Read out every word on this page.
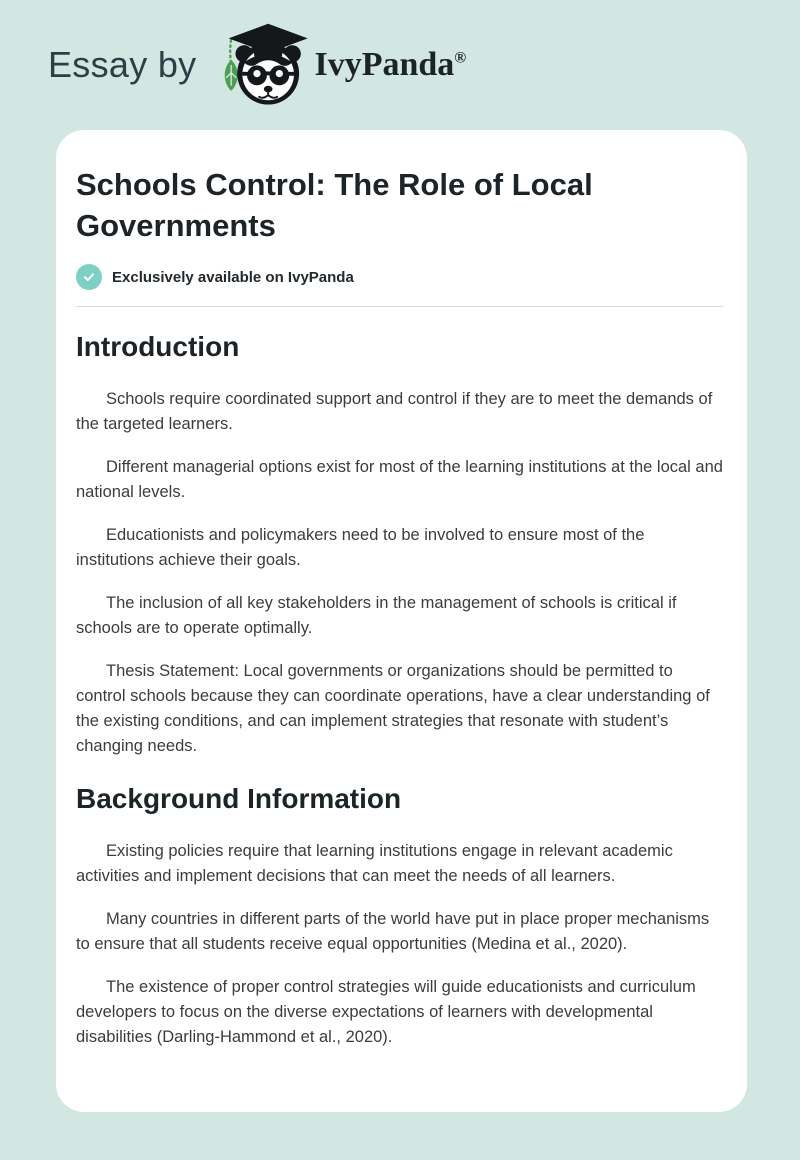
Essay by	IvyPanda®
Schools Control: The Role of Local Governments
Exclusively available on IvyPanda
Introduction

Schools require coordinated support and control if they are to meet the demands of the targeted learners.

Different managerial options exist for most of the learning institutions at the local and national levels.

Educationists and policymakers need to be involved to ensure most of the institutions achieve their goals.

The inclusion of all key stakeholders in the management of schools is critical if schools are to operate optimally.

Thesis Statement: Local governments or organizations should be permitted to control schools because they can coordinate operations, have a clear understanding of the existing conditions, and can implement strategies that resonate with student’s changing needs.

Background Information

Existing policies require that learning institutions engage in relevant academic activities and implement decisions that can meet the needs of all learners.

Many countries in different parts of the world have put in place proper mechanisms to ensure that all students receive equal opportunities (Medina et al., 2020).

The existence of proper control strategies will guide educationists and curriculum developers to focus on the diverse expectations of learners with developmental disabilities (Darling-Hammond et al., 2020).
